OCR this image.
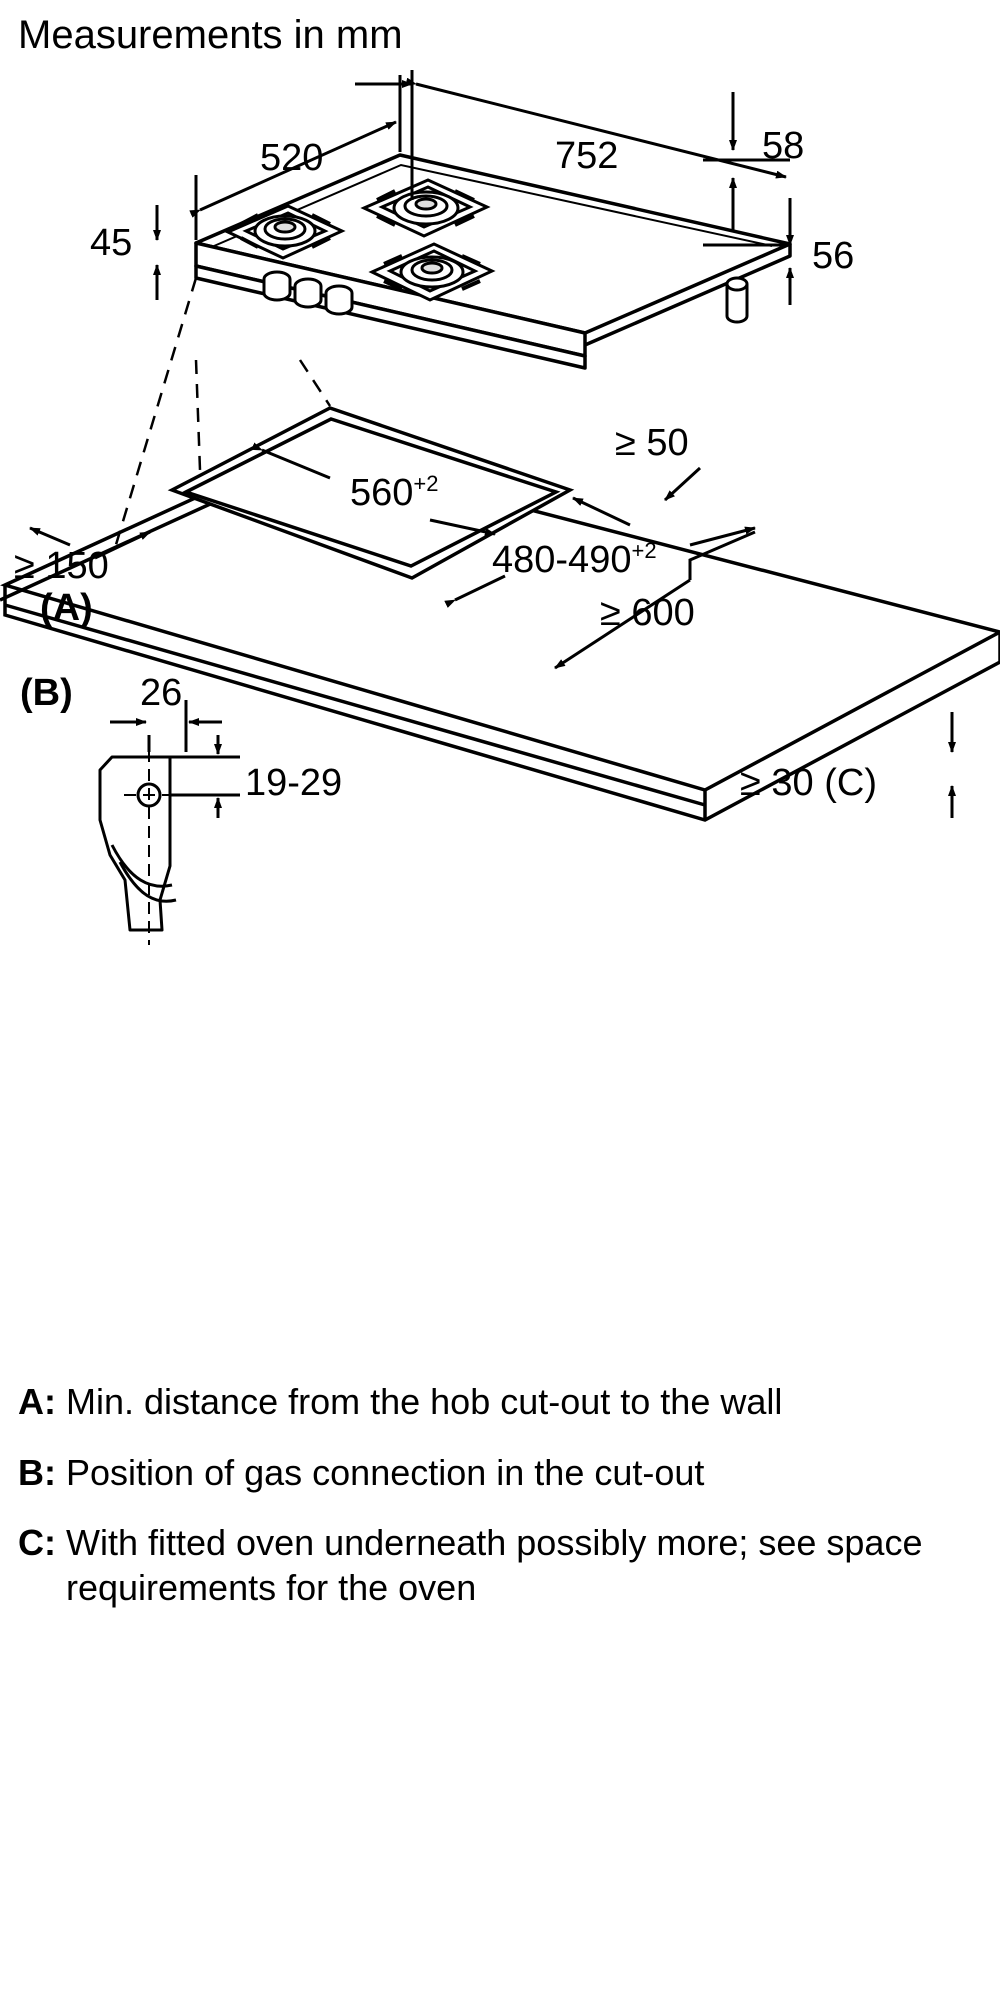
Measurements in mm
520	752	58
45	56
$560^{+2}$
$480-490^{+2}$
≥ 50
≥ 150
(A)	≥ 600
≥ 30 (C)
(B) 26
19-29
A: Min. distance from the hob cut-out to the wall
B: Position of gas connection in the cut-out
C: With fitted oven underneath possibly more; see space requirements for the oven
